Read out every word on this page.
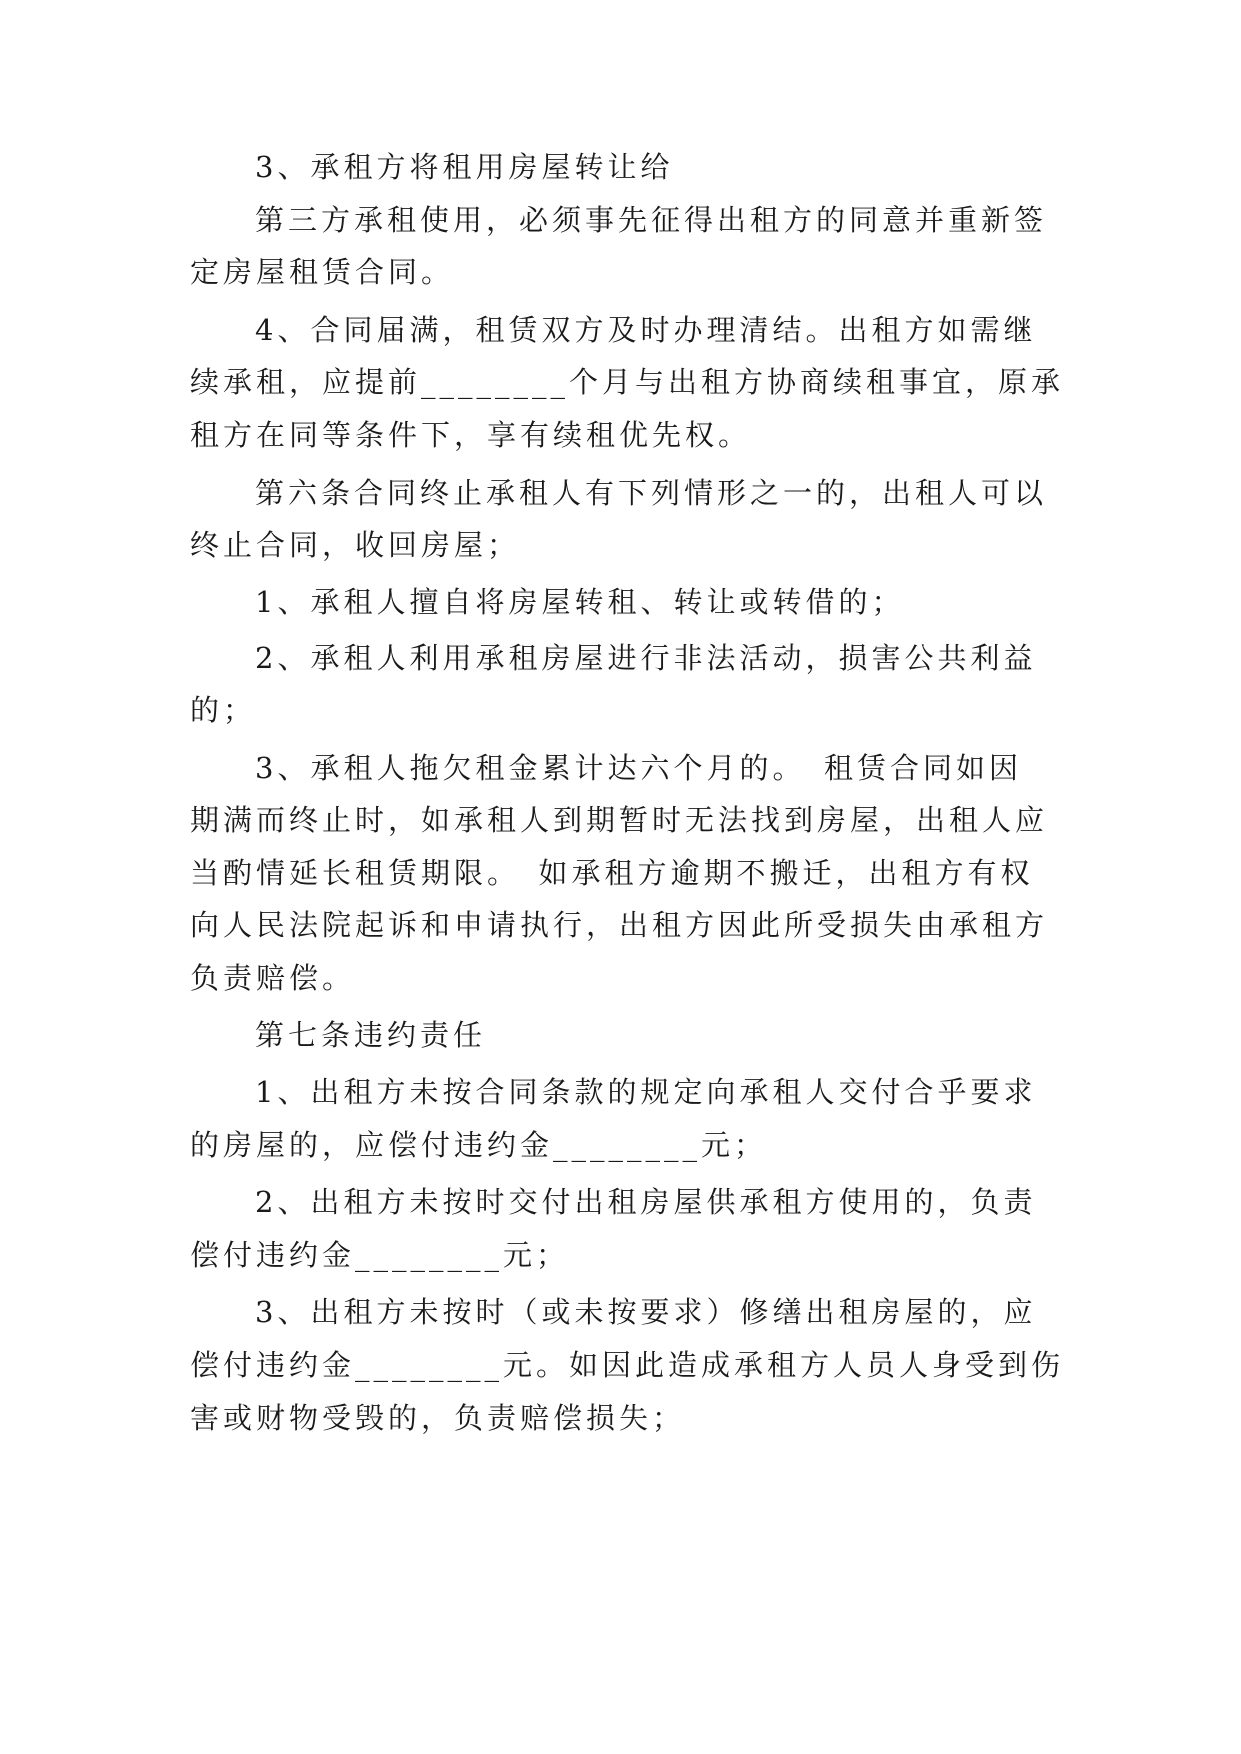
3、承租方将租用房屋转让给
第三方承租使用，必须事先征得出租方的同意并重新签
定房屋租赁合同。
4、合同届满，租赁双方及时办理清结。出租方如需继
续承租，应提前________个月与出租方协商续租事宜，原承
租方在同等条件下，享有续租优先权。
第六条合同终止承租人有下列情形之一的，出租人可以
终止合同，收回房屋；
1、承租人擅自将房屋转租、转让或转借的；
2、承租人利用承租房屋进行非法活动，损害公共利益
的；
3、承租人拖欠租金累计达六个月的。　租赁合同如因
期满而终止时，如承租人到期暂时无法找到房屋，出租人应
当酌情延长租赁期限。　如承租方逾期不搬迁，出租方有权
向人民法院起诉和申请执行，出租方因此所受损失由承租方
负责赔偿。
第七条违约责任
1、出租方未按合同条款的规定向承租人交付合乎要求
的房屋的，应偿付违约金________元；
2、出租方未按时交付出租房屋供承租方使用的，负责
偿付违约金________元；
3、出租方未按时（或未按要求）修缮出租房屋的，应
偿付违约金________元。如因此造成承租方人员人身受到伤
害或财物受毁的，负责赔偿损失；
